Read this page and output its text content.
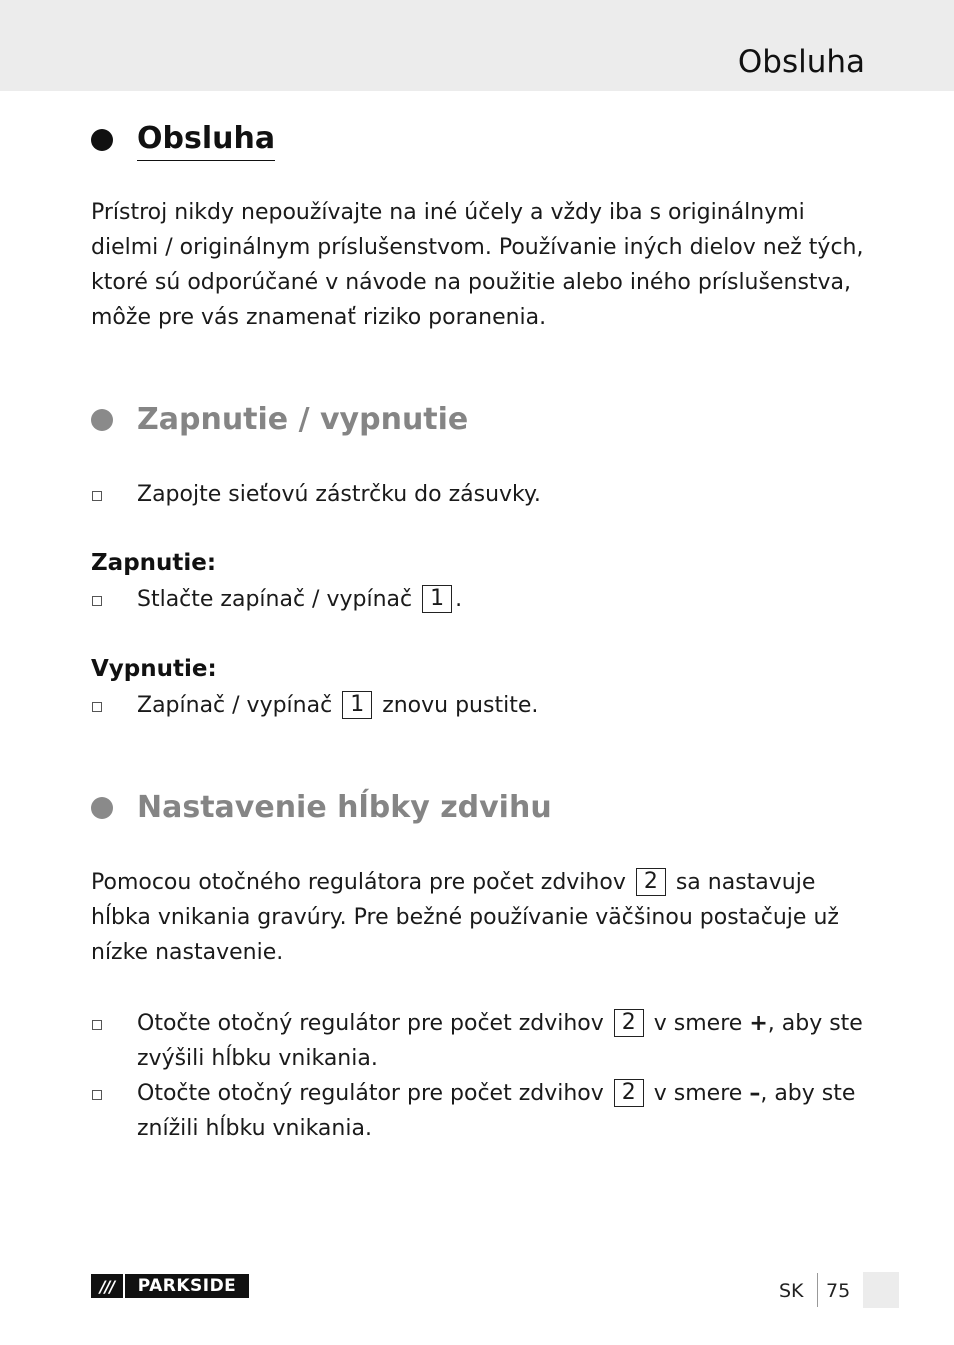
Obsluha
Obsluha
Prístroj nikdy nepoužívajte na iné účely a vždy iba s originálnymi
dielmi / originálnym príslušenstvom. Používanie iných dielov než tých,
ktoré sú odporúčané v návode na použitie alebo iného príslušenstva,
môže pre vás znamenať riziko poranenia.
Zapnutie / vypnutie
Zapojte sieťovú zástrčku do zásuvky.
Zapnutie:
Stlačte zapínač / vypínač 1 .
Vypnutie:
Zapínač / vypínač 1 znovu pustite.
Nastavenie hĺbky zdvihu
Pomocou otočného regulátora pre počet zdvihov 2 sa nastavuje
hĺbka vnikania gravúry. Pre bežné používanie väčšinou postačuje už
nízke nastavenie.
Otočte otočný regulátor pre počet zdvihov 2 v smere +, aby ste
zvýšili hĺbku vnikania.
Otočte otočný regulátor pre počet zdvihov 2 v smere –, aby ste
znížili hĺbku vnikania.
///	PARKSIDE	SK 75
